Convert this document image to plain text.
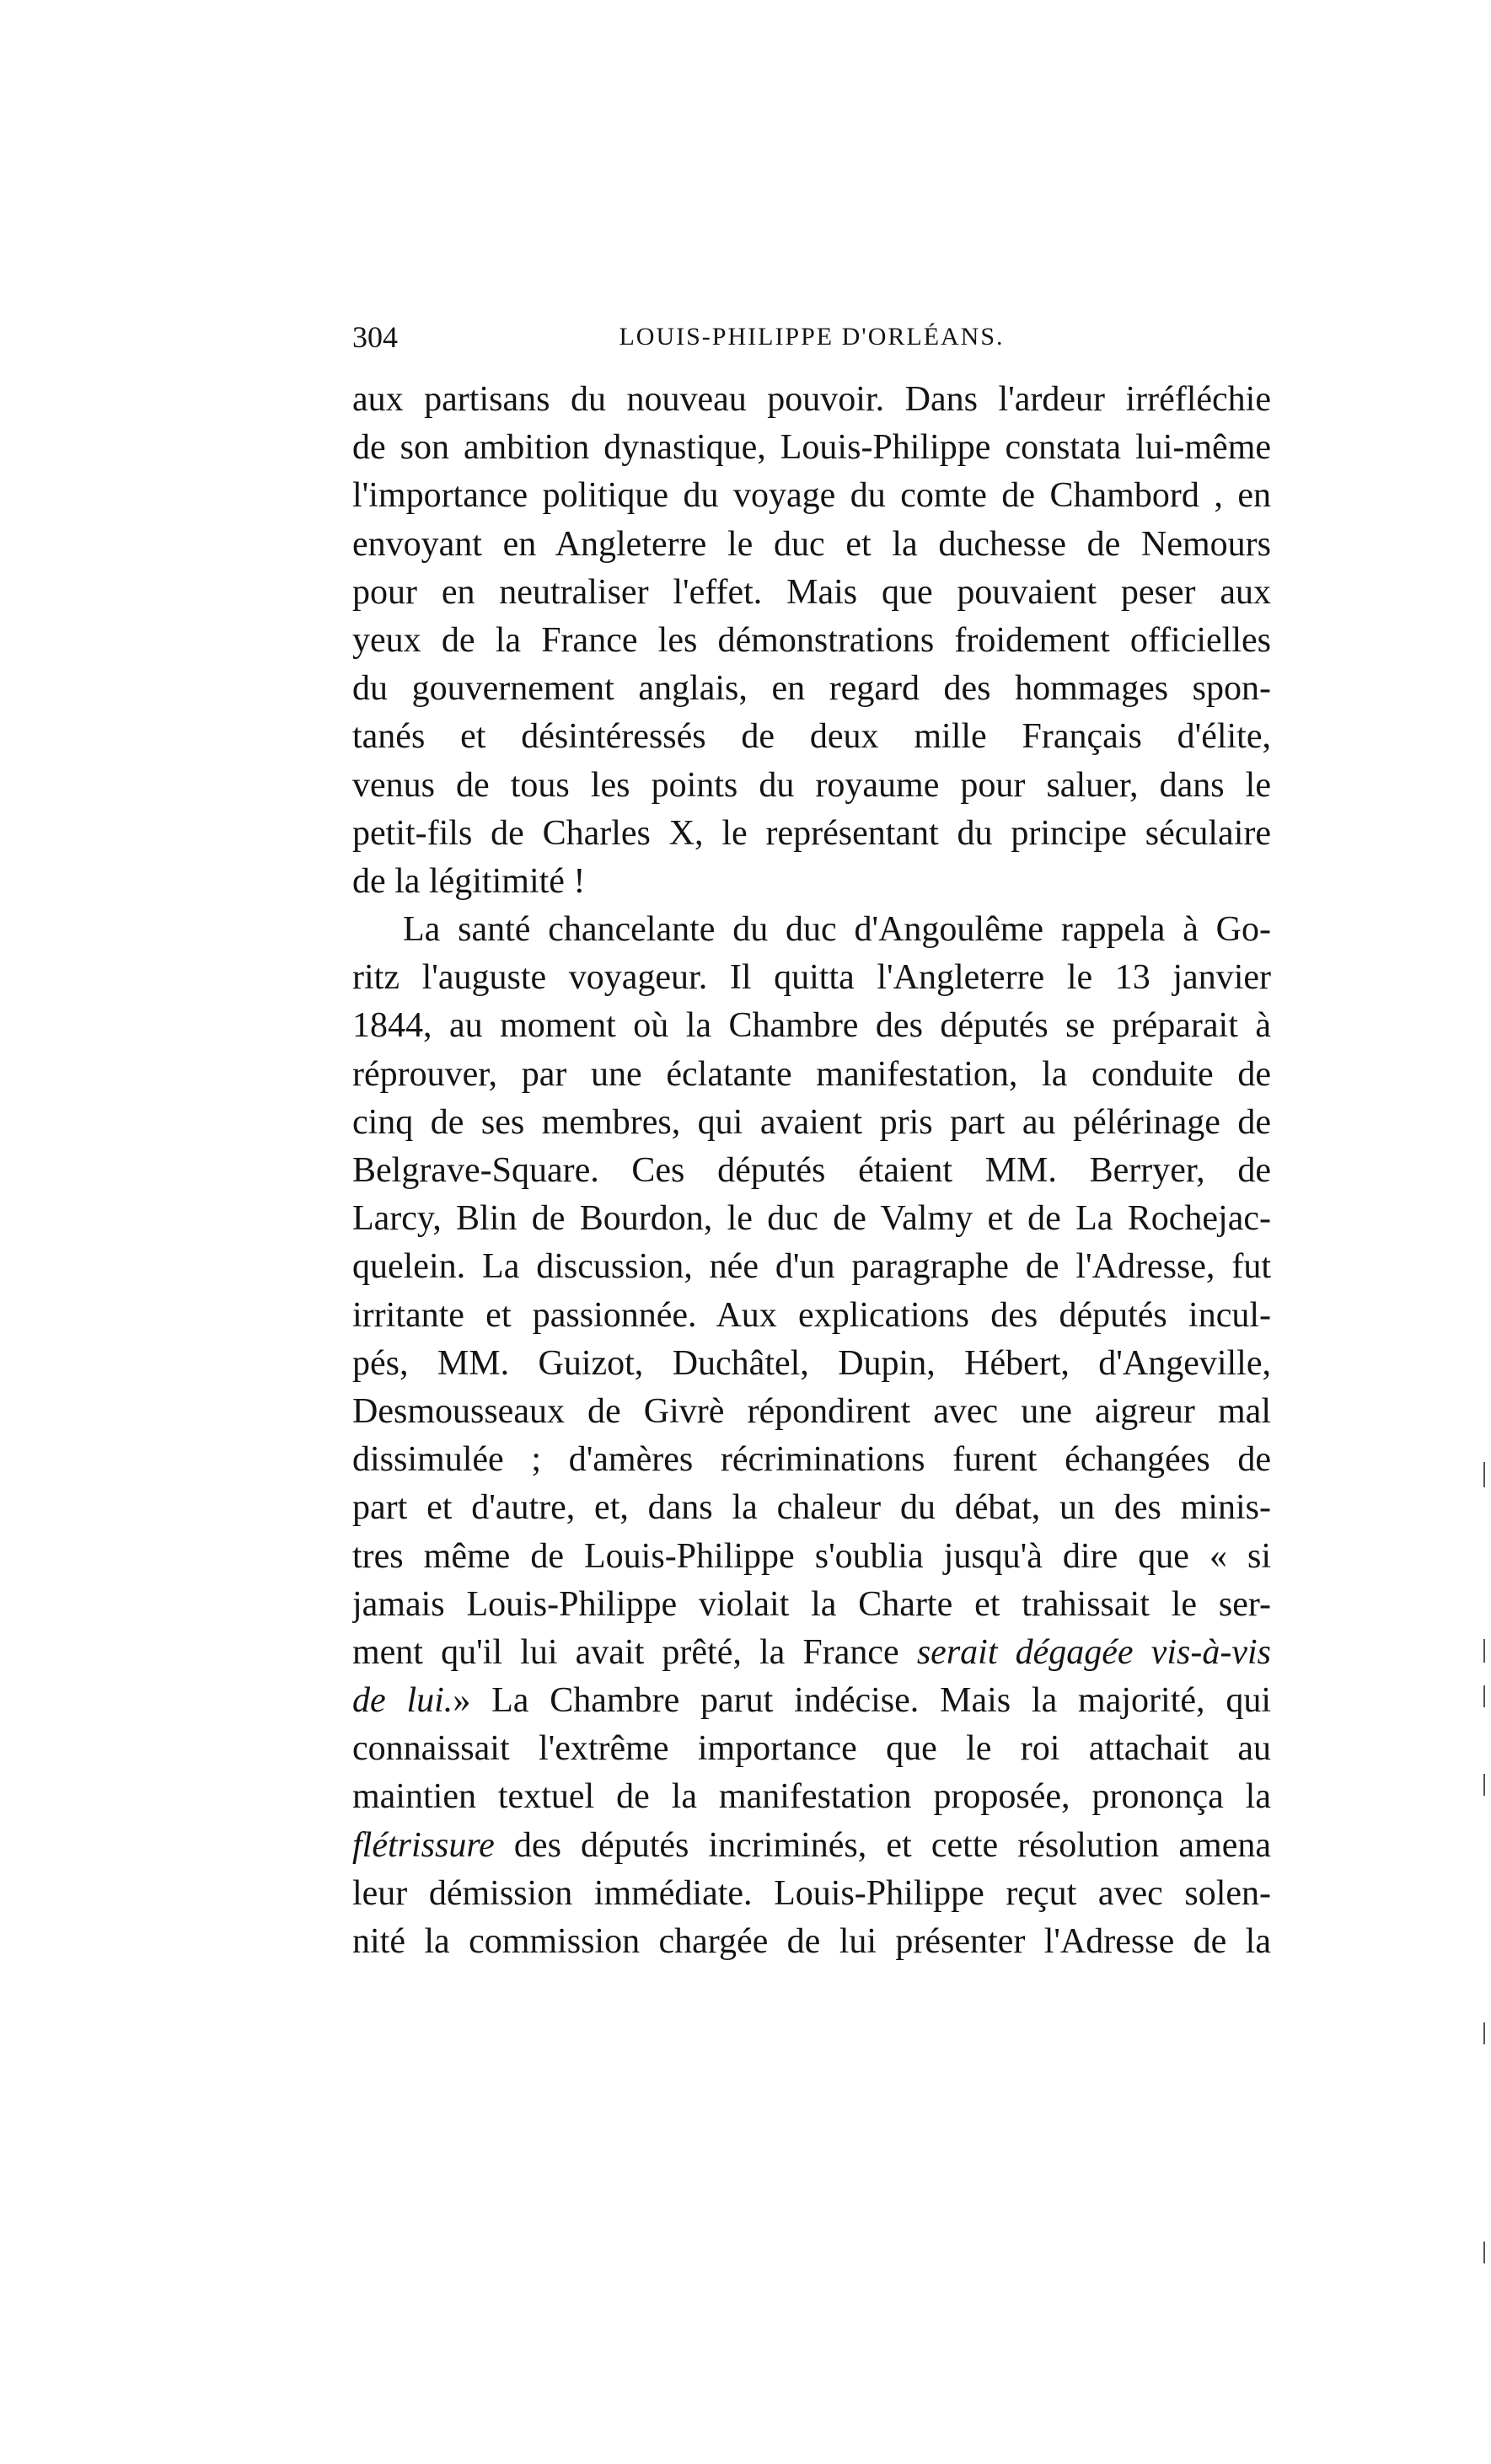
304	LOUIS-PHILIPPE D'ORLÉANS.
aux partisans du nouveau pouvoir. Dans l'ardeur irréfléchie
de son ambition dynastique, Louis-Philippe constata lui-même
l'importance politique du voyage du comte de Chambord , en
envoyant en Angleterre le duc et la duchesse de Nemours
pour en neutraliser l'effet. Mais que pouvaient peser aux
yeux de la France les démonstrations froidement officielles
du gouvernement anglais, en regard des hommages spon-
tanés et désintéressés de deux mille Français d'élite,
venus de tous les points du royaume pour saluer, dans le
petit-fils de Charles X, le représentant du principe séculaire
de la légitimité !
La santé chancelante du duc d'Angoulême rappela à Go-
ritz l'auguste voyageur. Il quitta l'Angleterre le 13 janvier
1844, au moment où la Chambre des députés se préparait à
réprouver, par une éclatante manifestation, la conduite de
cinq de ses membres, qui avaient pris part au pélérinage de
Belgrave-Square. Ces députés étaient MM. Berryer, de
Larcy, Blin de Bourdon, le duc de Valmy et de La Rochejac-
quelein. La discussion, née d'un paragraphe de l'Adresse, fut
irritante et passionnée. Aux explications des députés incul-
pés, MM. Guizot, Duchâtel, Dupin, Hébert, d'Angeville,
Desmousseaux de Givrè répondirent avec une aigreur mal
dissimulée ; d'amères récriminations furent échangées de
part et d'autre, et, dans la chaleur du débat, un des minis-
tres même de Louis-Philippe s'oublia jusqu'à dire que « si
jamais Louis-Philippe violait la Charte et trahissait le ser-
ment qu'il lui avait prêté, la France serait dégagée vis-à-vis
de lui.» La Chambre parut indécise. Mais la majorité, qui
connaissait l'extrême importance que le roi attachait au
maintien textuel de la manifestation proposée, prononça la
flétrissure des députés incriminés, et cette résolution amena
leur démission immédiate. Louis-Philippe reçut avec solen-
nité la commission chargée de lui présenter l'Adresse de la
